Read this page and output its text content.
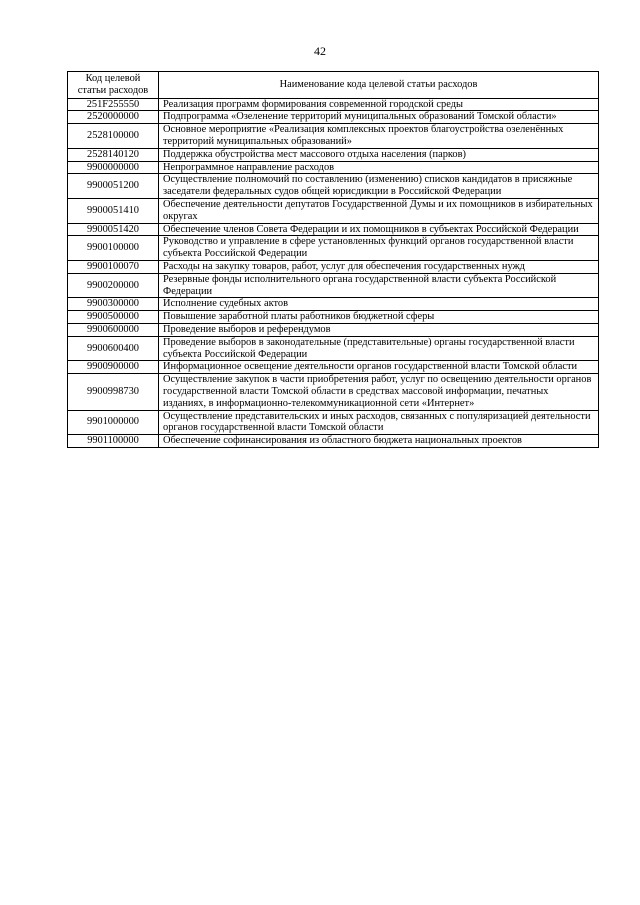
42
Код целевой статьи расходов	Наименование кода целевой статьи расходов
251F255550	Реализация программ формирования современной городской среды
2520000000	Подпрограмма «Озеленение территорий муниципальных образований Томской области»
2528100000	Основное мероприятие «Реализация комплексных проектов благоустройства озеленённых территорий муниципальных образований»
2528140120	Поддержка обустройства мест массового отдыха населения (парков)
9900000000	Непрограммное направление расходов
9900051200	Осуществление полномочий по составлению (изменению) списков кандидатов в присяжные заседатели федеральных судов общей юрисдикции в Российской Федерации
9900051410	Обеспечение деятельности депутатов Государственной Думы и их помощников в избирательных округах
9900051420	Обеспечение членов Совета Федерации и их помощников в субъектах Российской Федерации
9900100000	Руководство и управление в сфере установленных функций органов государственной власти субъекта Российской Федерации
9900100070	Расходы на закупку товаров, работ, услуг для обеспечения государственных нужд
9900200000	Резервные фонды исполнительного органа государственной власти субъекта Российской Федерации
9900300000	Исполнение судебных актов
9900500000	Повышение заработной платы работников бюджетной сферы
9900600000	Проведение выборов и референдумов
9900600400	Проведение выборов в законодательные (представительные) органы государственной власти субъекта Российской Федерации
9900900000	Информационное освещение деятельности органов государственной власти Томской области
9900998730	Осуществление закупок в части приобретения работ, услуг по освещению деятельности органов государственной власти Томской области в средствах массовой информации, печатных изданиях, в информационно-телекоммуникационной сети «Интернет»
9901000000	Осуществление представительских и иных расходов, связанных с популяризацией деятельности органов государственной власти Томской области
9901100000	Обеспечение софинансирования из областного бюджета национальных проектов
